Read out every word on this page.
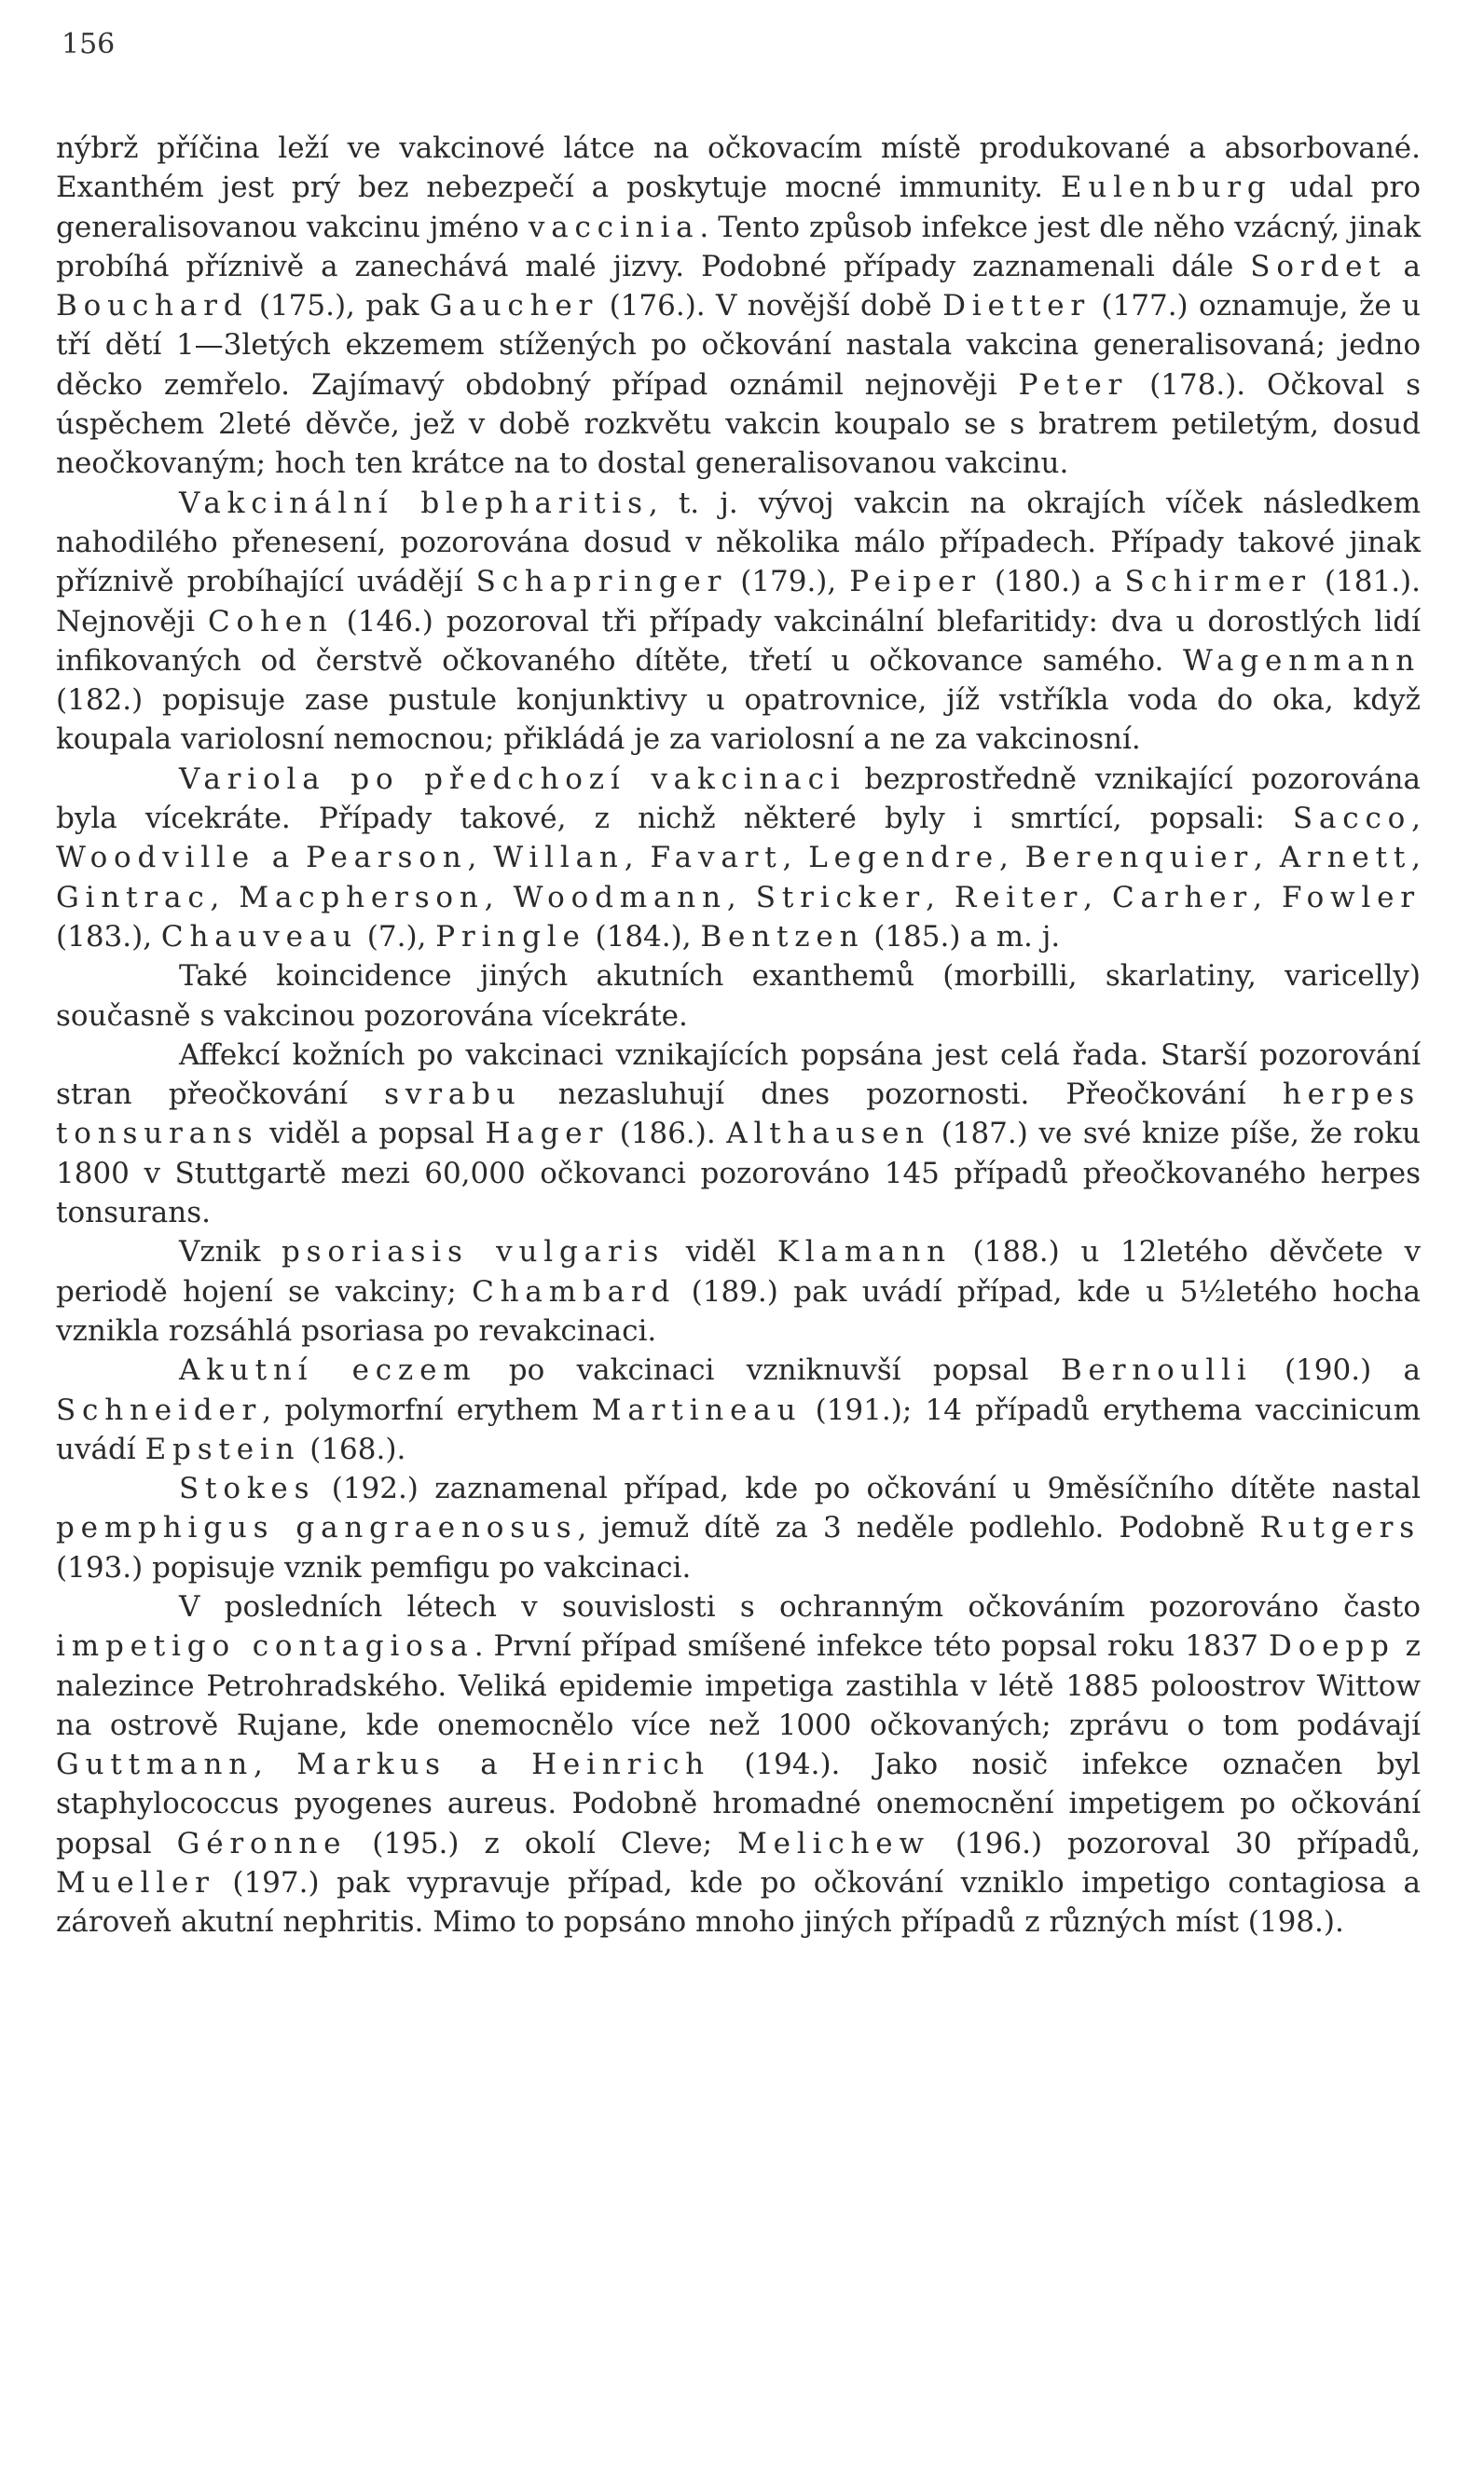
156

nýbrž příčina leží ve vakcinové látce na očkovacím místě produkované a absorbované. Exanthém jest prý bez nebezpečí a poskytuje mocné immunity. Eulenburg udal pro generalisovanou vakcinu jméno vaccinia. Tento způsob infekce jest dle něho vzácný, jinak probíhá příznivě a zanechává malé jizvy. Podobné případy zaznamenali dále Sordet a Bouchard (175.), pak Gaucher (176.). V novější době Dietter (177.) oznamuje, že u tří dětí 1—3letých ekzemem stížených po očkování nastala vakcina generalisovaná; jedno děcko zemřelo. Zajímavý obdobný případ oznámil nejnověji Peter (178.). Očkoval s úspěchem 2leté děvče, jež v době rozkvětu vakcin koupalo se s bratrem petiletým, dosud neočkovaným; hoch ten krátce na to dostal generalisovanou vakcinu.

Vakcinální blepharitis, t. j. vývoj vakcin na okrajích víček následkem nahodilého přenesení, pozorována dosud v několika málo případech. Případy takové jinak příznivě probíhající uvádějí Schapringer (179.), Peiper (180.) a Schirmer (181.). Nejnověji Cohen (146.) pozoroval tři případy vakcinální blefaritidy: dva u dorostlých lidí infikovaných od čerstvě očkovaného dítěte, třetí u očkovance samého. Wagenmann (182.) popisuje zase pustule konjunktivy u opatrovnice, jíž vstříkla voda do oka, když koupala variolosní nemocnou; přikládá je za variolosní a ne za vakcinosní.

Variola po předchozí vakcinaci bezprostředně vznikající pozorována byla vícekráte. Případy takové, z nichž některé byly i smrtící, popsali: Sacco, Woodville a Pearson, Willan, Favart, Legendre, Berenquier, Arnett, Gintrac, Macpherson, Woodmann, Stricker, Reiter, Carher, Fowler (183.), Chauveau (7.), Pringle (184.), Bentzen (185.) a m. j.

Také koincidence jiných akutních exanthemů (morbilli, skarlatiny, varicelly) současně s vakcinou pozorována vícekráte.

Affekcí kožních po vakcinaci vznikajících popsána jest celá řada. Starší pozorování stran přeočkování svrabu nezasluhují dnes pozornosti. Přeočkování herpes tonsurans viděl a popsal Hager (186.). Althausen (187.) ve své knize píše, že roku 1800 v Stuttgartě mezi 60,000 očkovanci pozorováno 145 případů přeočkovaného herpes tonsurans.

Vznik psoriasis vulgaris viděl Klamann (188.) u 12letého děvčete v periodě hojení se vakciny; Chambard (189.) pak uvádí případ, kde u 5½letého hocha vznikla rozsáhlá psoriasa po revakcinaci.

Akutní eczem po vakcinaci vzniknuvší popsal Bernoulli (190.) a Schneider, polymorfní erythem Martineau (191.); 14 případů erythema vaccinicum uvádí Epstein (168.).

Stokes (192.) zaznamenal případ, kde po očkování u 9měsíčního dítěte nastal pemphigus gangraenosus, jemuž dítě za 3 neděle podlehlo. Podobně Rutgers (193.) popisuje vznik pemfigu po vakcinaci.

V posledních létech v souvislosti s ochranným očkováním pozorováno často impetigo contagiosa. První případ smíšené infekce této popsal roku 1837 Doepp z nalezince Petrohradského. Veliká epidemie impetiga zastihla v létě 1885 poloostrov Wittow na ostrově Rujane, kde onemocnělo více než 1000 očkovaných; zprávu o tom podávají Guttmann, Markus a Heinrich (194.). Jako nosič infekce označen byl staphylococcus pyogenes aureus. Podobně hromadné onemocnění impetigem po očkování popsal Géronne (195.) z okolí Cleve; Melichew (196.) pozoroval 30 případů, Mueller (197.) pak vypravuje případ, kde po očkování vzniklo impetigo contagiosa a zároveň akutní nephritis. Mimo to popsáno mnoho jiných případů z různých míst (198.).
